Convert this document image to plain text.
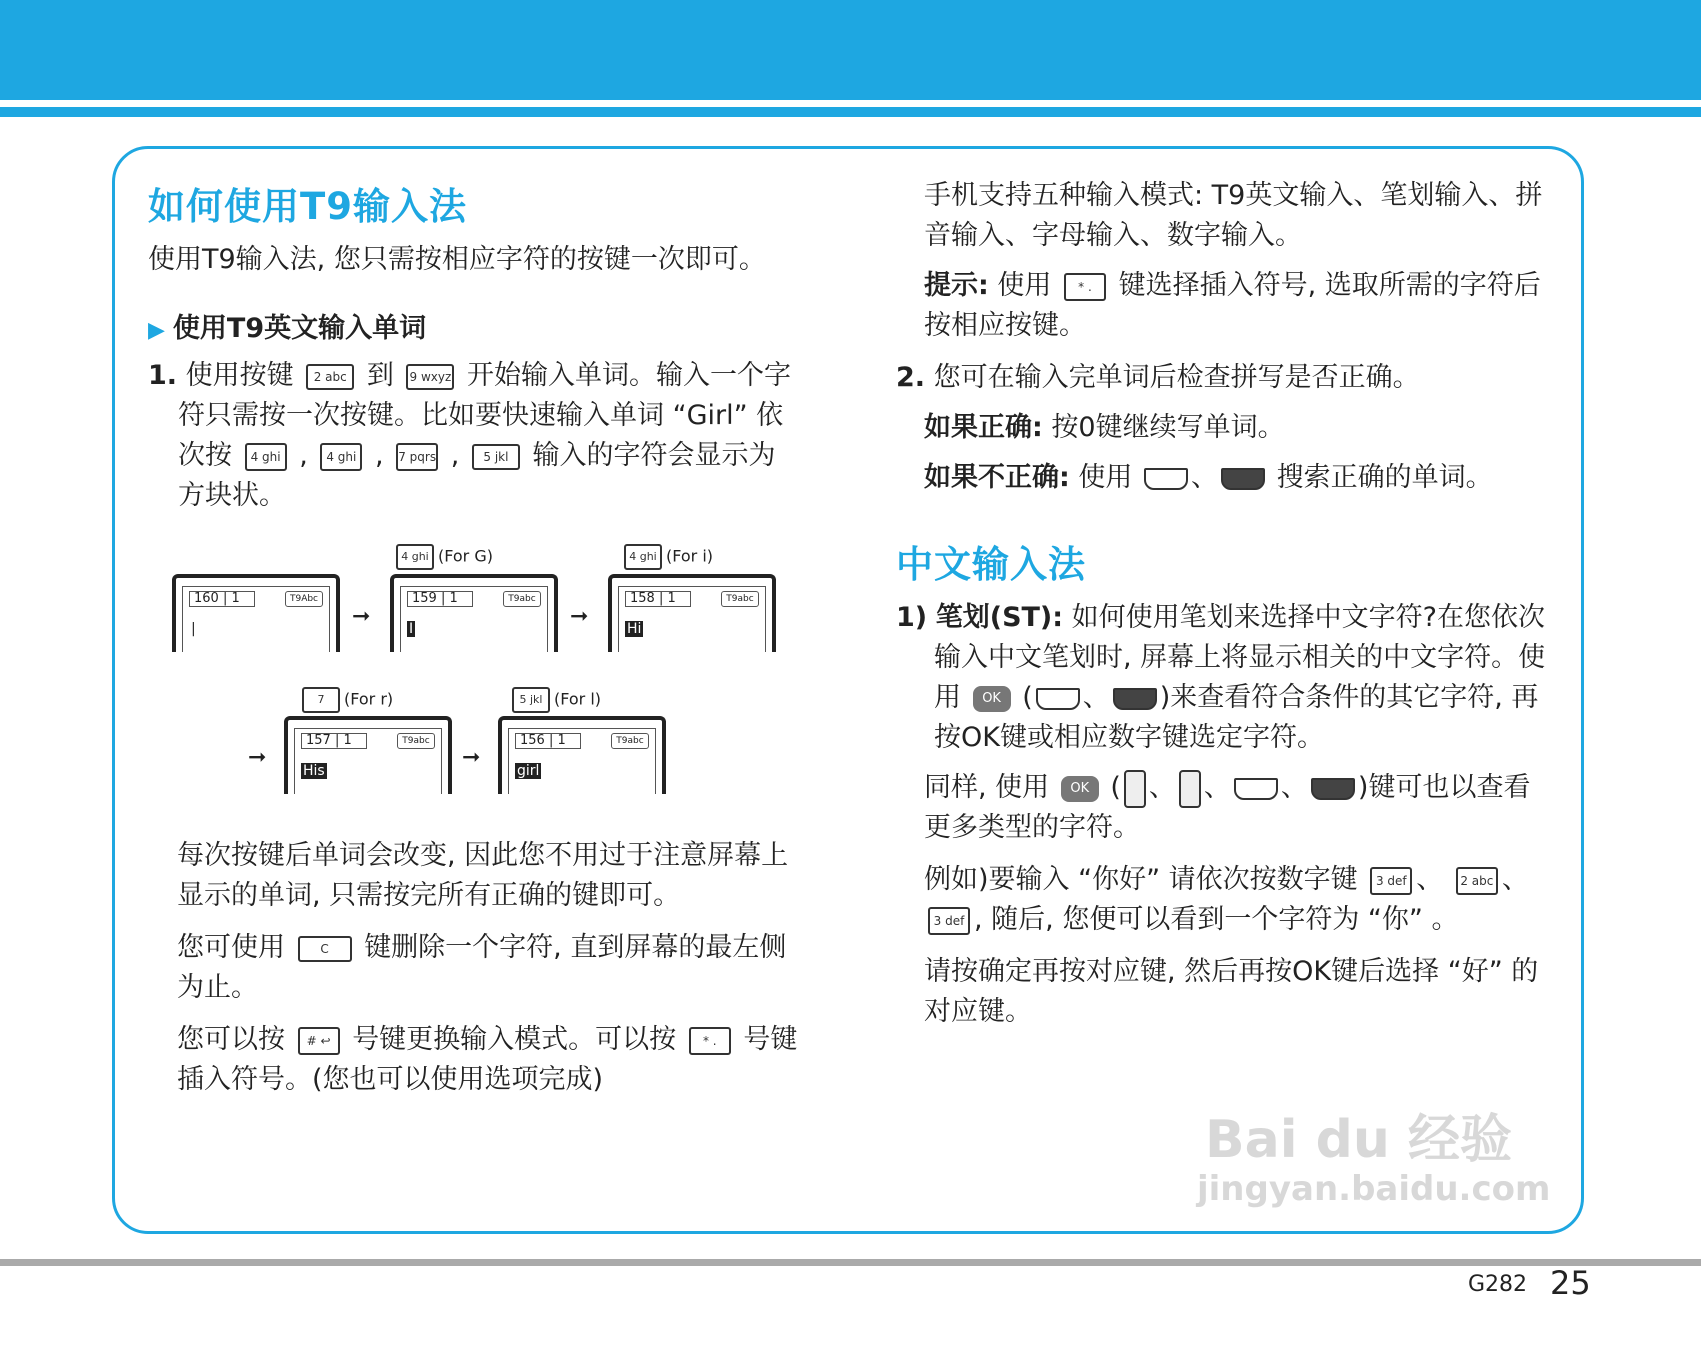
如何使用T9输入法
使用T9输入法, 您只需按相应字符的按键一次即可。
▶ 使用T9英文输入单词
1. 使用按键 2 abc 到 9 wxyz 开始输入单词。输入一个字
符只需按一次按键。比如要快速输入单词 “Girl” 依
次按 4 ghi , 4 ghi , 7 pqrs , 5 jkl 输入的字符会显示为
方块状。
4 ghi (For G)	4 ghi (For i)
160 | 1	T9Abc
|	➞
159 | 1	T9abc
I	➞
158 | 1	T9abc
Hi
7(For r)	5 jkl (For l)
➞
157 | 1	T9abc
His
➞
156 | 1	T9abc
girl
每次按键后单词会改变, 因此您不用过于注意屏幕上
显示的单词, 只需按完所有正确的键即可。
您可使用	C 键删除一个字符, 直到屏幕的最左侧
为止。
您可以按 # ↩ 号键更换输入模式。可以按 * . 号键
插入符号。(您也可以使用选项完成)
手机支持五种输入模式: T9英文输入、笔划输入、拼
音输入、字母输入、数字输入。
提示: 使用 * . 键选择插入符号, 选取所需的字符后
按相应按键。
2. 您可在输入完单词后检查拼写是否正确。
如果正确: 按0键继续写单词。
如果不正确: 使用 、 搜索正确的单词。
中文输入法
1) 笔划(ST): 如何使用笔划来选择中文字符?在您依次
输入中文笔划时, 屏幕上将显示相关的中文字符。使
用 OK ( 、 )来查看符合条件的其它字符, 再
按OK键或相应数字键选定字符。
同样, 使用 OK ( 、 、 、 )键可也以查看
更多类型的字符。
例如)要输入 “你好” 请依次按数字键 3 def 、 2 abc 、
3 def , 随后, 您便可以看到一个字符为 “你” 。
请按确定再按对应键, 然后再按OK键后选择 “好” 的
对应键。
Bai du 经验
jingyan.baidu.com
G282 25
